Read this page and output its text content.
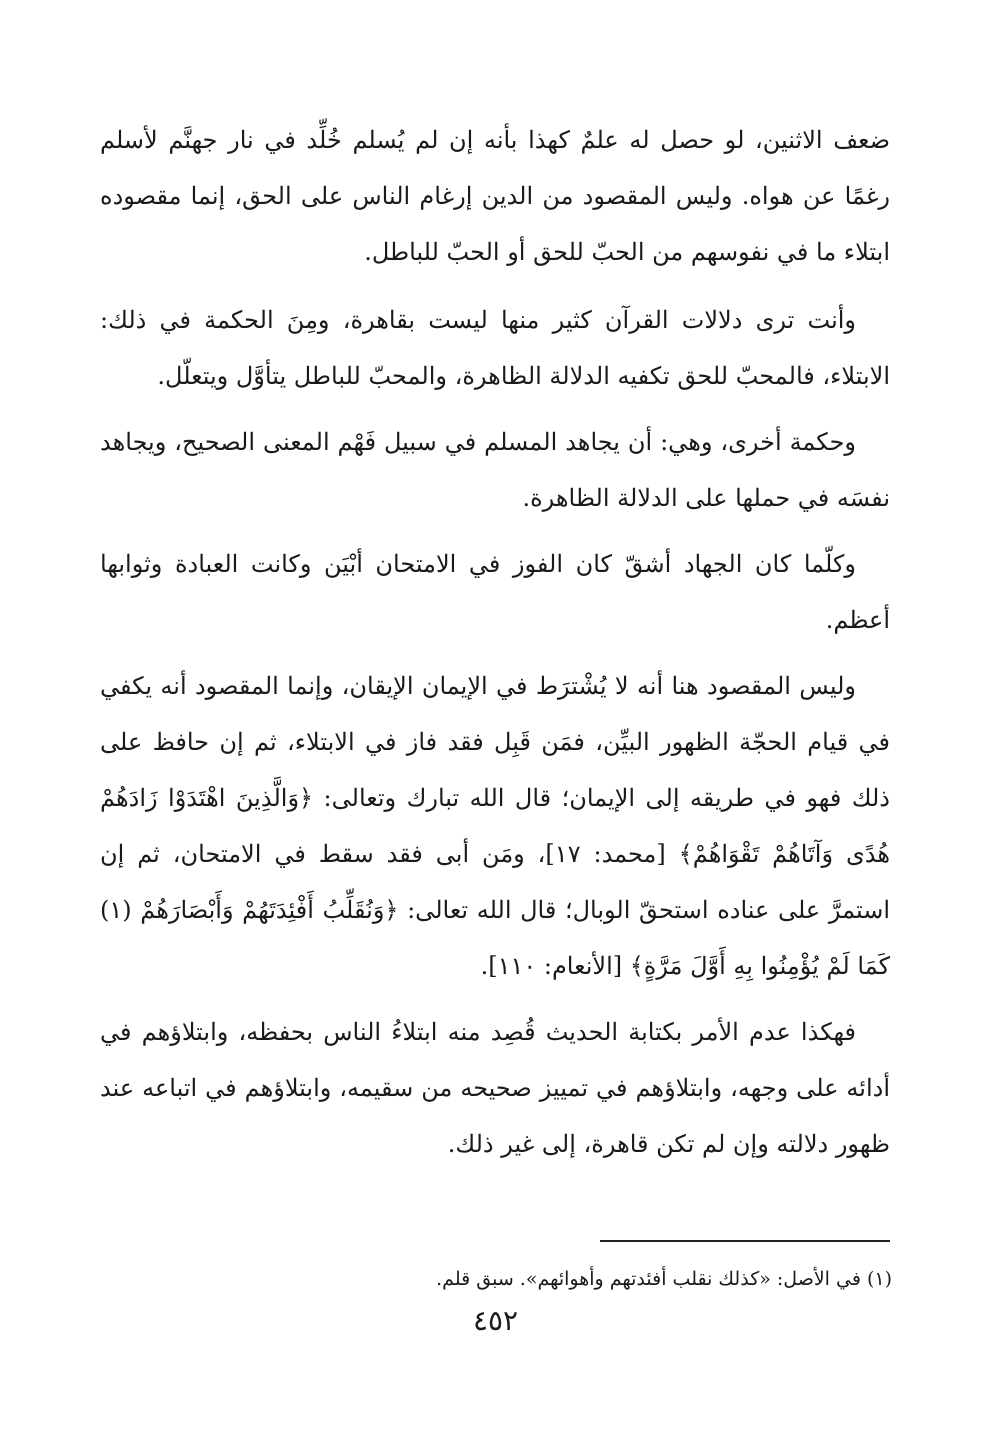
ضعف الاثنين، لو حصل له علمٌ كهذا بأنه إن لم يُسلم خُلِّد في نار جهنَّم لأسلم رغمًا عن هواه. وليس المقصود من الدين إرغام الناس على الحق، إنما مقصوده ابتلاء ما في نفوسهم من الحبّ للحق أو الحبّ للباطل.

وأنت ترى دلالات القرآن كثير منها ليست بقاهرة، ومِنَ الحكمة في ذلك: الابتلاء، فالمحبّ للحق تكفيه الدلالة الظاهرة، والمحبّ للباطل يتأوَّل ويتعلّل.

وحكمة أخرى، وهي: أن يجاهد المسلم في سبيل فَهْم المعنى الصحيح، ويجاهد نفسَه في حملها على الدلالة الظاهرة.

وكلّما كان الجهاد أشقّ كان الفوز في الامتحان أبْيَن وكانت العبادة وثوابها أعظم.

وليس المقصود هنا أنه لا يُشْترَط في الإيمان الإيقان، وإنما المقصود أنه يكفي في قيام الحجّة الظهور البيِّن، فمَن قَبِل فقد فاز في الابتلاء، ثم إن حافظ على ذلك فهو في طريقه إلى الإيمان؛ قال الله تبارك وتعالى: ﴿وَالَّذِينَ اهْتَدَوْا زَادَهُمْ هُدًى وَآتَاهُمْ تَقْوَاهُمْ﴾ [محمد: ١٧]، ومَن أبى فقد سقط في الامتحان، ثم إن استمرَّ على عناده استحقّ الوبال؛ قال الله تعالى: ﴿وَنُقَلِّبُ أَفْئِدَتَهُمْ وَأَبْصَارَهُمْ (١) كَمَا لَمْ يُؤْمِنُوا بِهِ أَوَّلَ مَرَّةٍ﴾ [الأنعام: ١١٠].

فهكذا عدم الأمر بكتابة الحديث قُصِد منه ابتلاءُ الناس بحفظه، وابتلاؤهم في أدائه على وجهه، وابتلاؤهم في تمييز صحيحه من سقيمه، وابتلاؤهم في اتباعه عند ظهور دلالته وإن لم تكن قاهرة، إلى غير ذلك.

(١) في الأصل: «كذلك نقلب أفئدتهم وأهوائهم». سبق قلم.
٤٥٢
